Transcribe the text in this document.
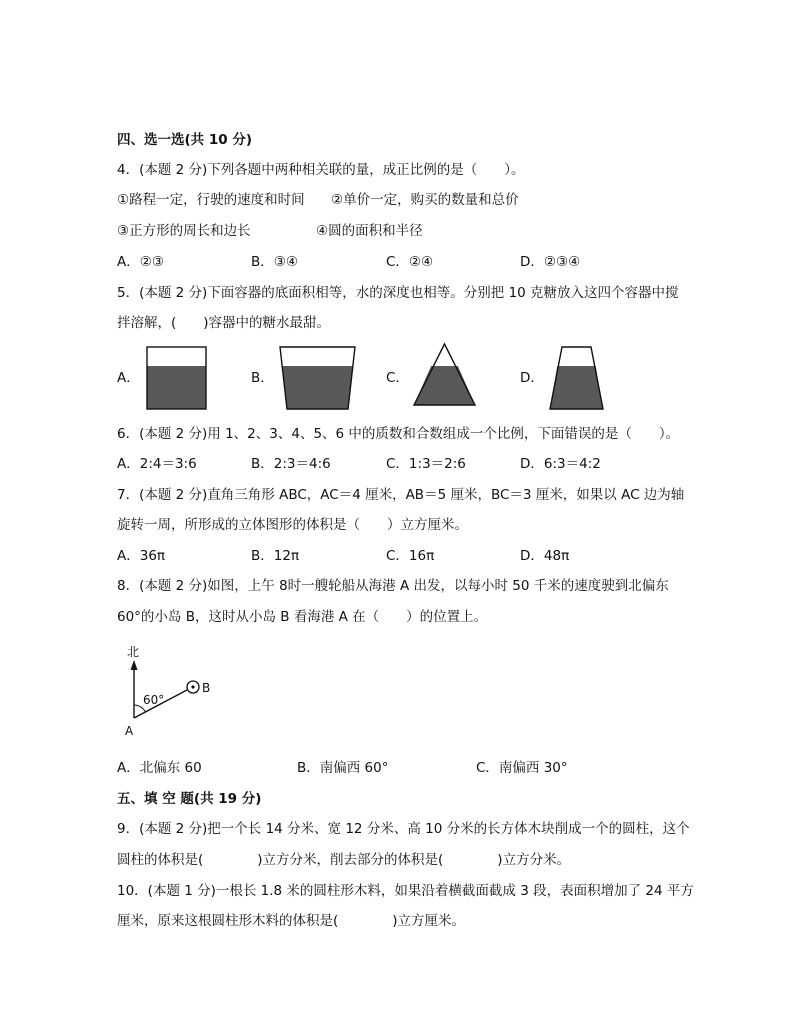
四、选一选(共 10 分)
4．(本题 2 分)下列各题中两种相关联的量，成正比例的是（　　）。
①路程一定，行驶的速度和时间 ②单价一定，购买的数量和总价
③正方形的周长和边长	④圆的面积和半径
A．②③	B．③④	C．②④	D．②③④
5．(本题 2 分)下面容器的底面积相等，水的深度也相等。分别把 10 克糖放入这四个容器中搅
拌溶解，(　　)容器中的糖水最甜。
A．	B．	C．	D．
北
60°
A
B
6．(本题 2 分)用 1、2、3、4、5、6 中的质数和合数组成一个比例，下面错误的是（　　）。
A．2:4＝3:6	B．2:3＝4:6	C．1:3＝2:6	D．6:3＝4:2
7．(本题 2 分)直角三角形 ABC，AC＝4 厘米，AB＝5 厘米，BC＝3 厘米，如果以 AC 边为轴
旋转一周，所形成的立体图形的体积是（　　）立方厘米。
A．36π	B．12π	C．16π	D．48π
8．(本题 2 分)如图，上午 8时一艘轮船从海港 A 出发，以每小时 50 千米的速度驶到北偏东
60°的小岛 B，这时从小岛 B 看海港 A 在（　　）的位置上。
A．北偏东 60	B．南偏西 60°	C．南偏西 30°
五、填 空 题(共 19 分)
9．(本题 2 分)把一个长 14 分米、宽 12 分米、高 10 分米的长方体木块削成一个的圆柱，这个
圆柱的体积是(　　　　)立方分米，削去部分的体积是(　　　　)立方分米。
10．(本题 1 分)一根长 1.8 米的圆柱形木料，如果沿着横截面截成 3 段，表面积增加了 24 平方
厘米，原来这根圆柱形木料的体积是(　　　　)立方厘米。
